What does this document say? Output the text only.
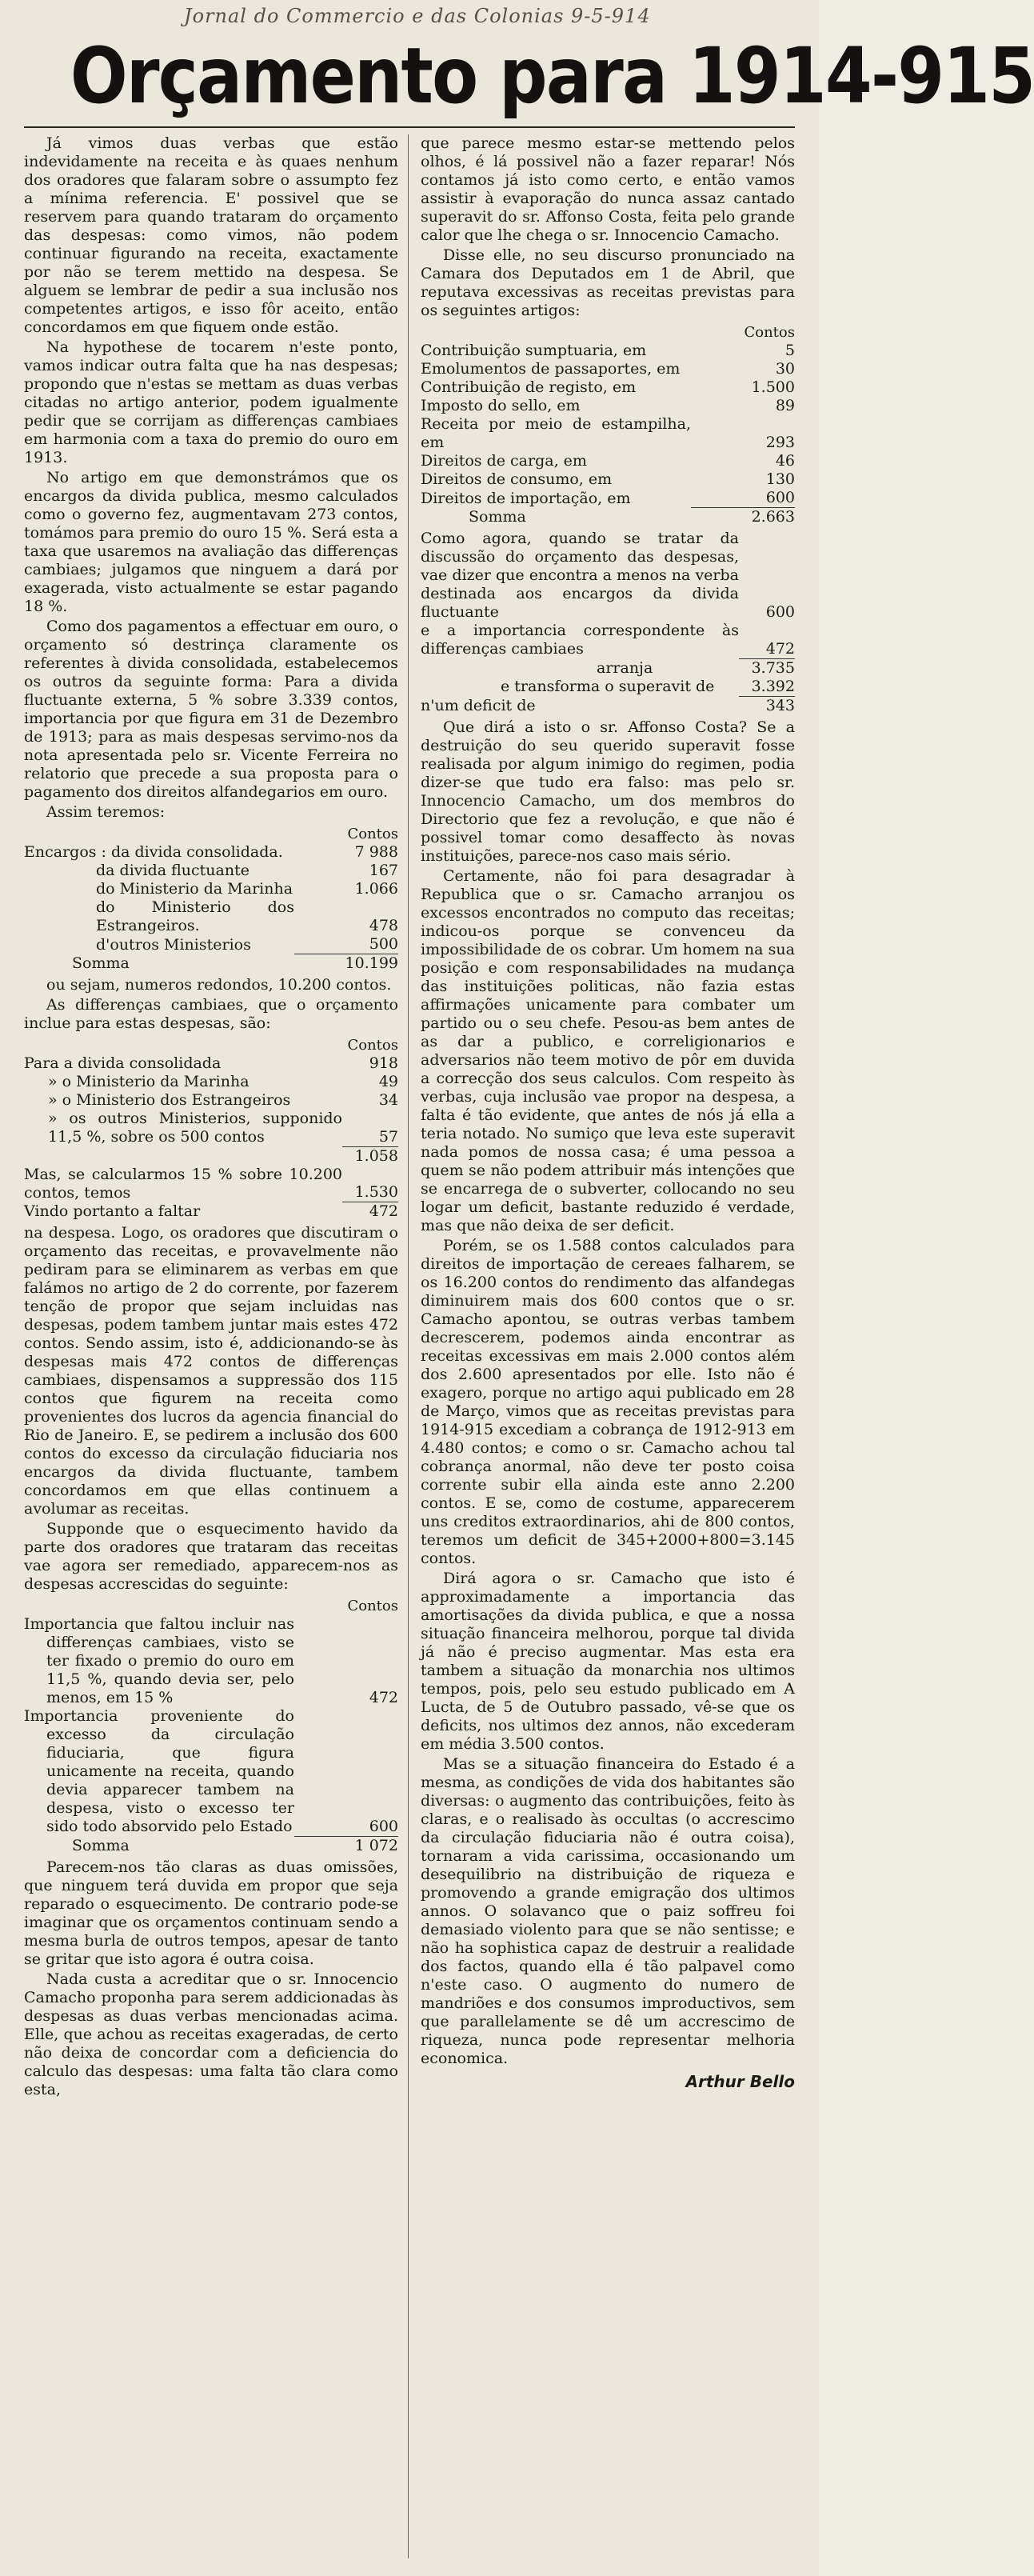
Jornal do Commercio e das Colonias 9-5-914
Orçamento para 1914-915

Já vimos duas verbas que estão indevidamente na receita e às quaes nenhum dos oradores que falaram sobre o assumpto fez a mínima referencia. E' possivel que se reservem para quando trataram do orçamento das despesas: como vimos, não podem continuar figurando na receita, exactamente por não se terem mettido na despesa. Se alguem se lembrar de pedir a sua inclusão nos competentes artigos, e isso fôr aceito, então concordamos em que fiquem onde estão.

Na hypothese de tocarem n'este ponto, vamos indicar outra falta que ha nas despesas; propondo que n'estas se mettam as duas verbas citadas no artigo anterior, podem igualmente pedir que se corrijam as differenças cambiaes em harmonia com a taxa do premio do ouro em 1913.

No artigo em que demonstrámos que os encargos da divida publica, mesmo calculados como o governo fez, augmentavam 273 contos, tomámos para premio do ouro 15 %. Será esta a taxa que usaremos na avaliação das differenças cambiaes; julgamos que ninguem a dará por exagerada, visto actualmente se estar pagando 18 %.

Como dos pagamentos a effectuar em ouro, o orçamento só destrinça claramente os referentes à divida consolidada, estabelecemos os outros da seguinte forma: Para a divida fluctuante externa, 5 % sobre 3.339 contos, importancia por que figura em 31 de Dezembro de 1913; para as mais despesas servimo-nos da nota apresentada pelo sr. Vicente Ferreira no relatorio que precede a sua proposta para o pagamento dos direitos alfandegarios em ouro.

Assim teremos:

	Contos
Encargos : da divida consolidada.	7 988
da divida fluctuante	167
do Ministerio da Marinha	1.066
do Ministerio dos Estrangeiros.	478
d'outros Ministerios	500
Somma	10.199

ou sejam, numeros redondos, 10.200 contos.

As differenças cambiaes, que o orçamento inclue para estas despesas, são:

	Contos
Para a divida consolidada	918
» o Ministerio da Marinha	49
» o Ministerio dos Estrangeiros	34
» os outros Ministerios, supponido 11,5 %, sobre os 500 contos	57
	1.058
Mas, se calcularmos 15 % sobre 10.200 contos, temos	1.530
Vindo portanto a faltar	472

na despesa. Logo, os oradores que discutiram o orçamento das receitas, e provavelmente não pediram para se eliminarem as verbas em que falámos no artigo de 2 do corrente, por fazerem tenção de propor que sejam incluidas nas despesas, podem tambem juntar mais estes 472 contos. Sendo assim, isto é, addicionando-se às despesas mais 472 contos de differenças cambiaes, dispensamos a suppressão dos 115 contos que figurem na receita como provenientes dos lucros da agencia financial do Rio de Janeiro. E, se pedirem a inclusão dos 600 contos do excesso da circulação fiduciaria nos encargos da divida fluctuante, tambem concordamos em que ellas continuem a avolumar as receitas.

Supponde que o esquecimento havido da parte dos oradores que trataram das receitas vae agora ser remediado, apparecem-nos as despesas accrescidas do seguinte:

	Contos
Importancia que faltou incluir nas differenças cambiaes, visto se ter fixado o premio do ouro em 11,5 %, quando devia ser, pelo menos, em 15 %	472
Importancia proveniente do excesso da circulação fiduciaria, que figura unicamente na receita, quando devia apparecer tambem na despesa, visto o excesso ter sido todo absorvido pelo Estado	600
Somma	1 072

Parecem-nos tão claras as duas omissões, que ninguem terá duvida em propor que seja reparado o esquecimento. De contrario pode-se imaginar que os orçamentos continuam sendo a mesma burla de outros tempos, apesar de tanto se gritar que isto agora é outra coisa.

Nada custa a acreditar que o sr. Innocencio Camacho proponha para serem addicionadas às despesas as duas verbas mencionadas acima. Elle, que achou as receitas exageradas, de certo não deixa de concordar com a deficiencia do calculo das despesas: uma falta tão clara como esta,

que parece mesmo estar-se mettendo pelos olhos, é lá possivel não a fazer reparar! Nós contamos já isto como certo, e então vamos assistir à evaporação do nunca assaz cantado superavit do sr. Affonso Costa, feita pelo grande calor que lhe chega o sr. Innocencio Camacho.

Disse elle, no seu discurso pronunciado na Camara dos Deputados em 1 de Abril, que reputava excessivas as receitas previstas para os seguintes artigos:

	Contos
Contribuição sumptuaria, em	5
Emolumentos de passaportes, em	30
Contribuição de registo, em	1.500
Imposto do sello, em	89
Receita por meio de estampilha, em	293
Direitos de carga, em	46
Direitos de consumo, em	130
Direitos de importação, em	600
Somma	2.663
Como agora, quando se tratar da discussão do orçamento das despesas, vae dizer que encontra a menos na verba destinada aos encargos da divida fluctuante	600
e a importancia correspondente às differenças cambiaes	472
arranja	3.735
e transforma o superavit de	3.392
n'um deficit de	343

Que dirá a isto o sr. Affonso Costa? Se a destruição do seu querido superavit fosse realisada por algum inimigo do regimen, podia dizer-se que tudo era falso: mas pelo sr. Innocencio Camacho, um dos membros do Directorio que fez a revolução, e que não é possivel tomar como desaffecto às novas instituições, parece-nos caso mais sério.

Certamente, não foi para desagradar à Republica que o sr. Camacho arranjou os excessos encontrados no computo das receitas; indicou-os porque se convenceu da impossibilidade de os cobrar. Um homem na sua posição e com responsabilidades na mudança das instituições politicas, não fazia estas affirmações unicamente para combater um partido ou o seu chefe. Pesou-as bem antes de as dar a publico, e correligionarios e adversarios não teem motivo de pôr em duvida a correcção dos seus calculos. Com respeito às verbas, cuja inclusão vae propor na despesa, a falta é tão evidente, que antes de nós já ella a teria notado. No sumiço que leva este superavit nada pomos de nossa casa; é uma pessoa a quem se não podem attribuir más intenções que se encarrega de o subverter, collocando no seu logar um deficit, bastante reduzido é verdade, mas que não deixa de ser deficit.

Porém, se os 1.588 contos calculados para direitos de importação de cereaes falharem, se os 16.200 contos do rendimento das alfandegas diminuirem mais dos 600 contos que o sr. Camacho apontou, se outras verbas tambem decrescerem, podemos ainda encontrar as receitas excessivas em mais 2.000 contos além dos 2.600 apresentados por elle. Isto não é exagero, porque no artigo aqui publicado em 28 de Março, vimos que as receitas previstas para 1914-915 excediam a cobrança de 1912-913 em 4.480 contos; e como o sr. Camacho achou tal cobrança anormal, não deve ter posto coisa corrente subir ella ainda este anno 2.200 contos. E se, como de costume, apparecerem uns creditos extraordinarios, ahi de 800 contos, teremos um deficit de 345+2000+800=3.145 contos.

Dirá agora o sr. Camacho que isto é approximadamente a importancia das amortisações da divida publica, e que a nossa situação financeira melhorou, porque tal divida já não é preciso augmentar. Mas esta era tambem a situação da monarchia nos ultimos tempos, pois, pelo seu estudo publicado em A Lucta, de 5 de Outubro passado, vê-se que os deficits, nos ultimos dez annos, não excederam em média 3.500 contos.

Mas se a situação financeira do Estado é a mesma, as condições de vida dos habitantes são diversas: o augmento das contribuições, feito às claras, e o realisado às occultas (o accrescimo da circulação fiduciaria não é outra coisa), tornaram a vida carissima, occasionando um desequilibrio na distribuição de riqueza e promovendo a grande emigração dos ultimos annos. O solavanco que o paiz soffreu foi demasiado violento para que se não sentisse; e não ha sophistica capaz de destruir a realidade dos factos, quando ella é tão palpavel como n'este caso. O augmento do numero de mandriões e dos consumos improductivos, sem que parallelamente se dê um accrescimo de riqueza, nunca pode representar melhoria economica.

Arthur Bello
